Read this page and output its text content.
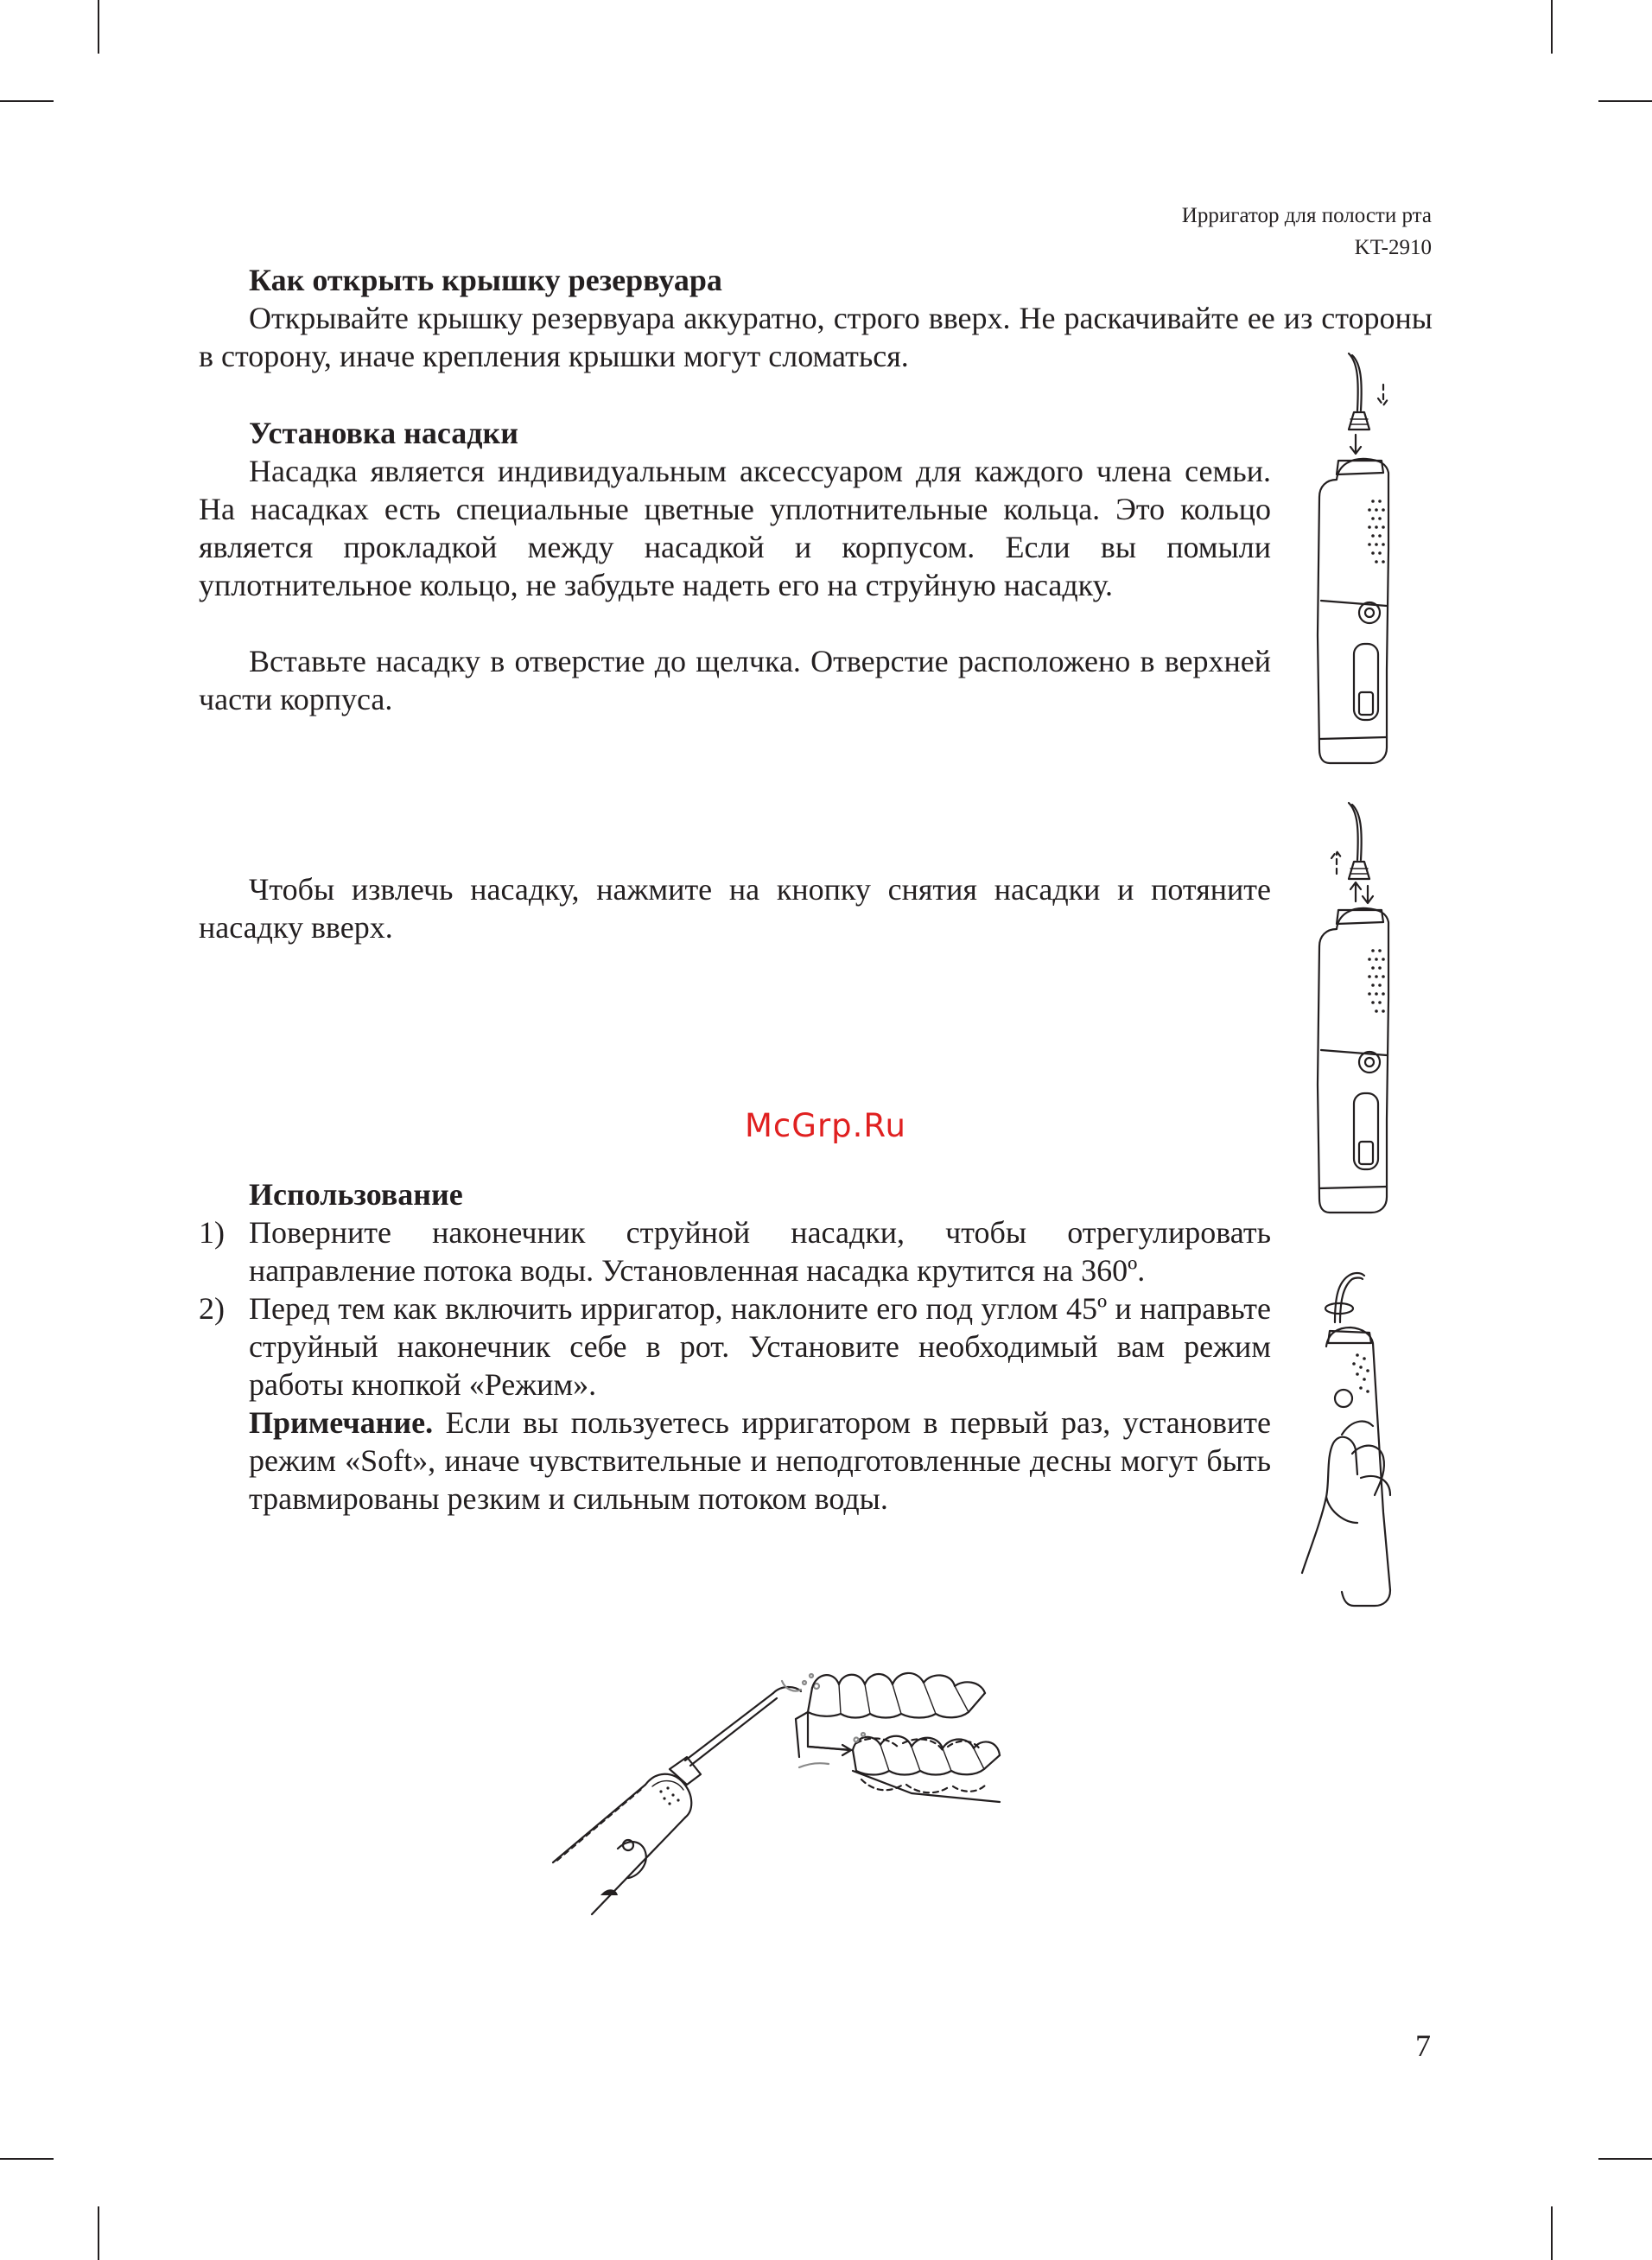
Ирригатор для полости рта
KT-2910
Как открыть крышку резервуара
Открывайте крышку резервуара аккуратно, строго вверх. Не раскачивайте ее из стороны в сторону, иначе крепления крышки могут сломаться.
Установка насадки
Насадка является индивидуальным аксессуаром для каждого члена семьи. На насадках есть специальные цветные уплотнительные кольца. Это кольцо является прокладкой между насадкой и корпусом. Если вы помыли уплотнительное кольцо, не забудьте надеть его на струйную насадку.
Вставьте насадку в отверстие до щелчка. Отверстие расположено в верхней части корпуса.
Чтобы извлечь насадку, нажмите на кнопку снятия насадки и потяните насадку вверх.
McGrp.Ru
Использование
1) Поверните наконечник струйной насадки, чтобы отрегулировать направление потока воды. Установленная насадка крутится на 360º.
2) Перед тем как включить ирригатор, наклоните его под углом 45º и направьте струйный наконечник себе в рот. Установите необходимый вам режим работы кнопкой «Режим».
Примечание. Если вы пользуетесь ирригатором в первый раз, установите режим «Soft», иначе чувствительные и неподготовленные десны могут быть травмированы резким и сильным потоком воды.
7
